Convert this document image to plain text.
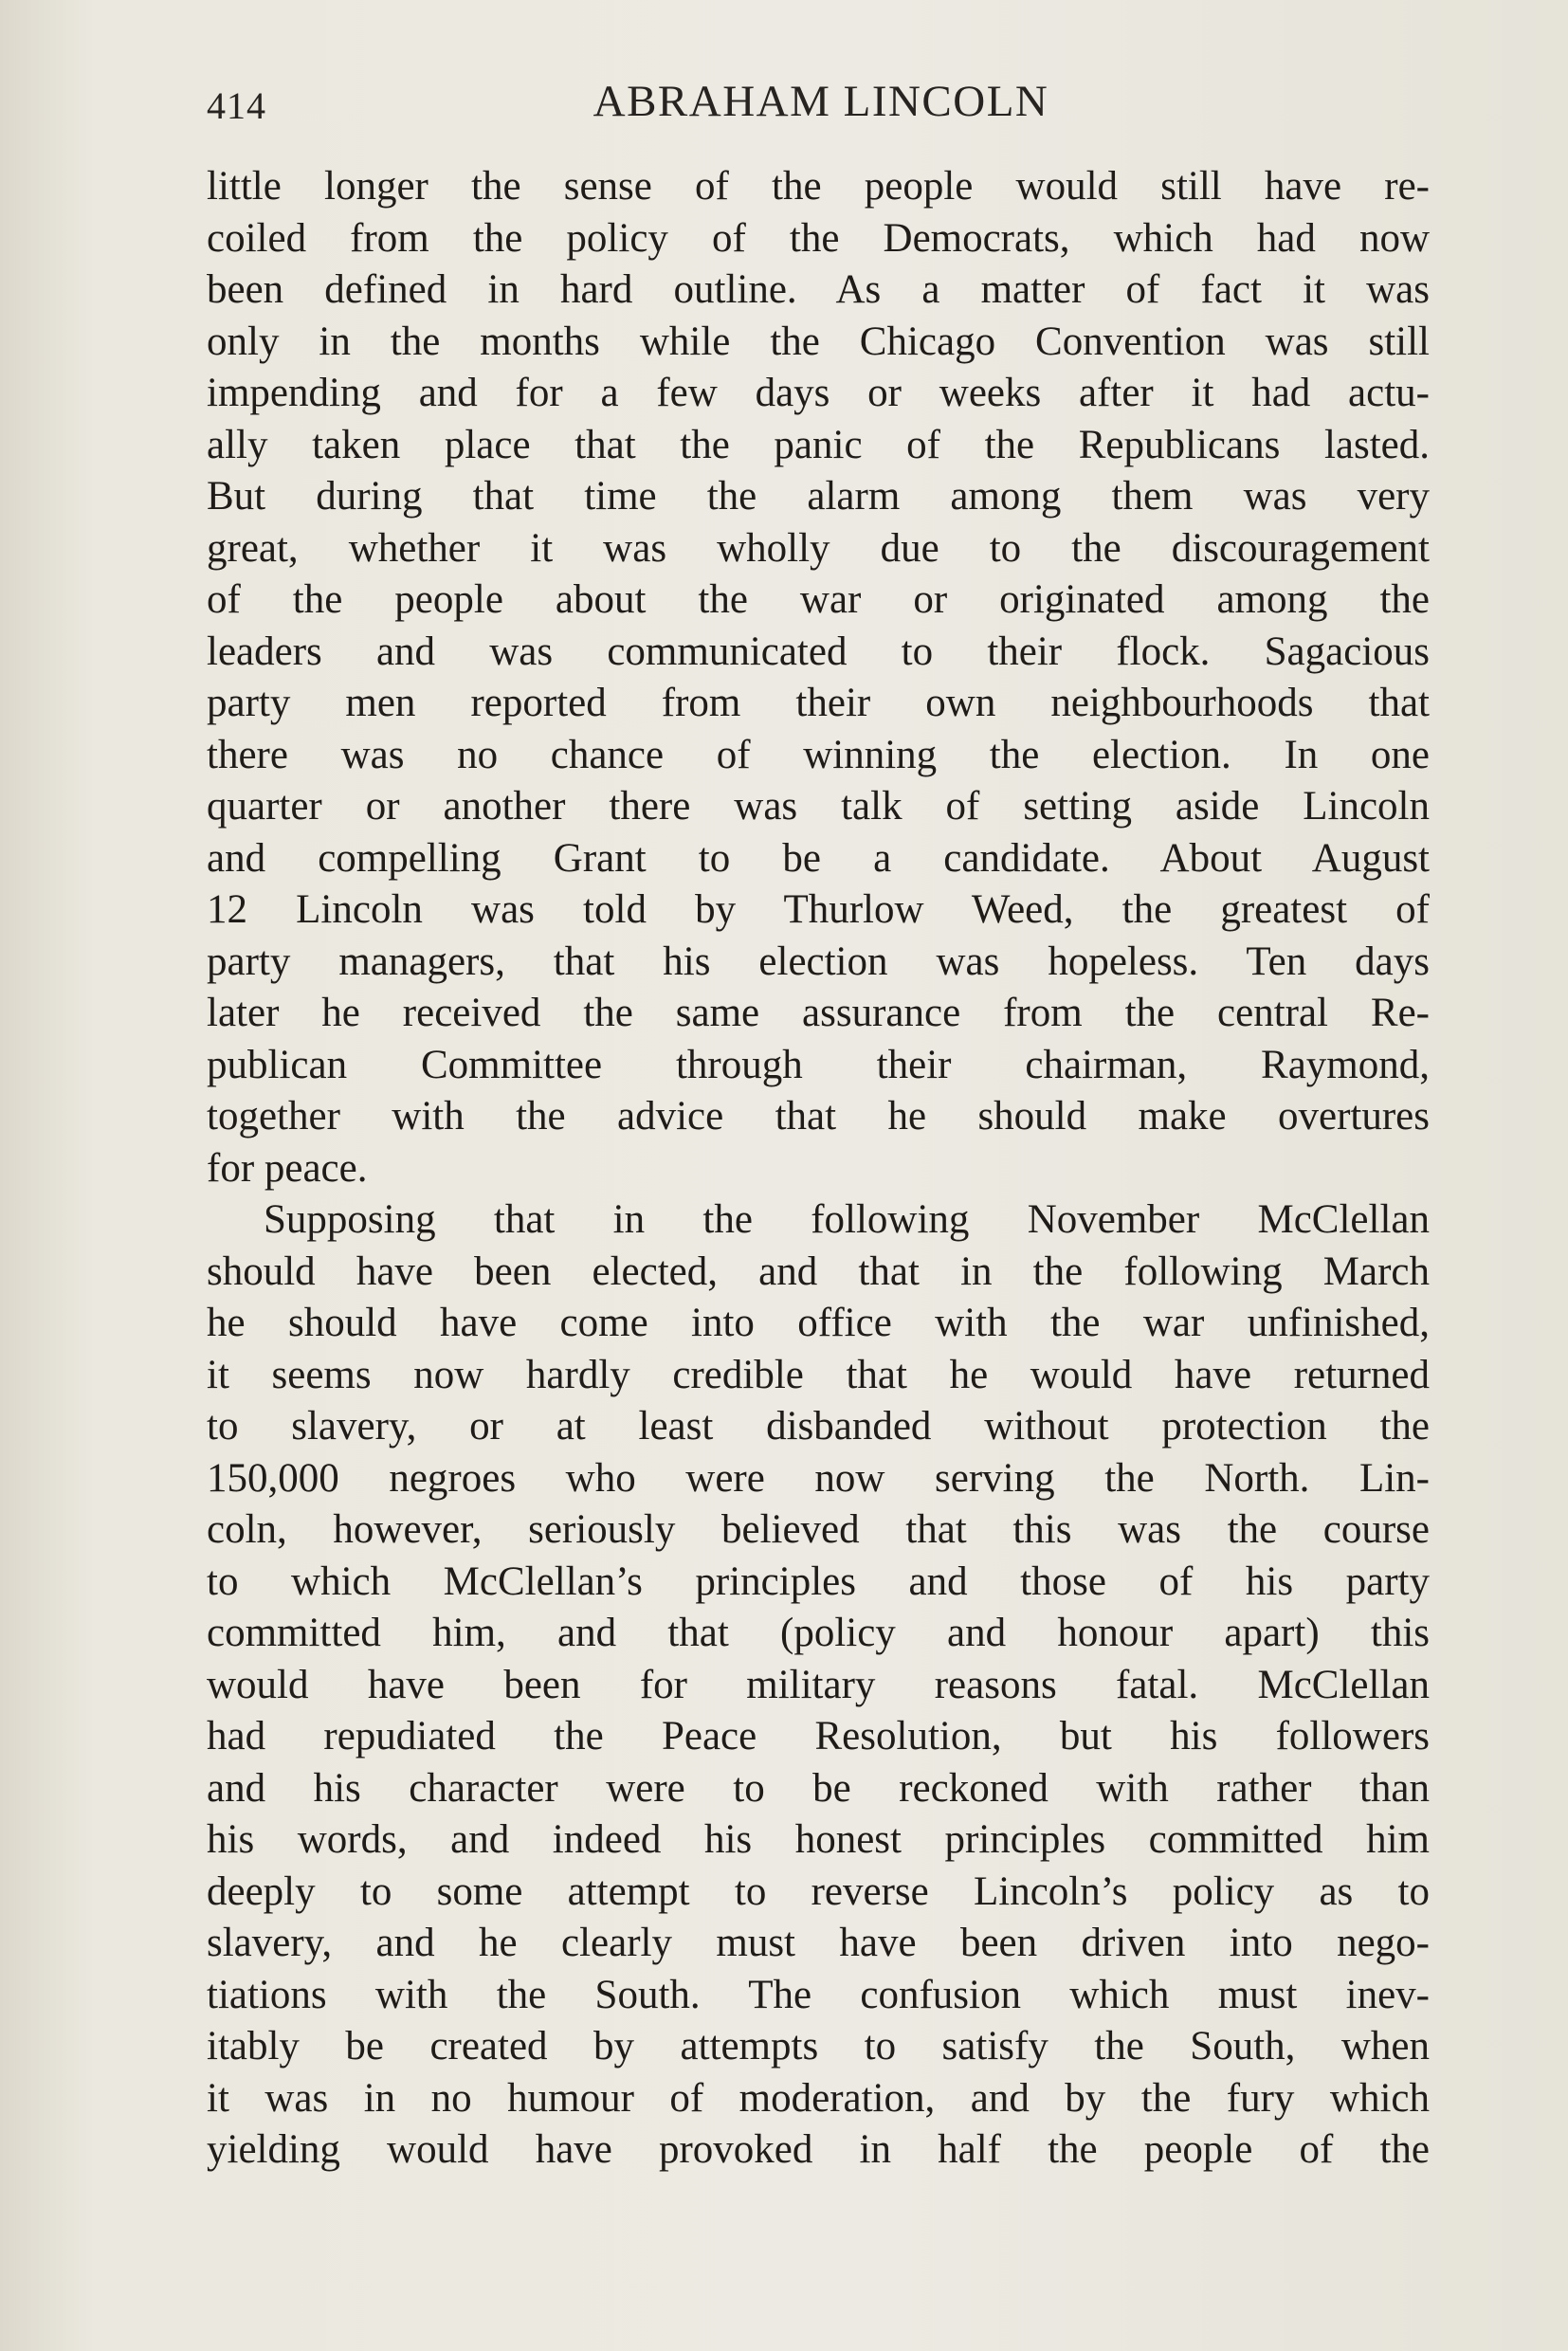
414	ABRAHAM LINCOLN
little longer the sense of the people would still have re-
coiled from the policy of the Democrats, which had now
been defined in hard outline. As a matter of fact it was
only in the months while the Chicago Convention was still
impending and for a few days or weeks after it had actu-
ally taken place that the panic of the Republicans lasted.
But during that time the alarm among them was very
great, whether it was wholly due to the discouragement
of the people about the war or originated among the
leaders and was communicated to their flock. Sagacious
party men reported from their own neighbourhoods that
there was no chance of winning the election. In one
quarter or another there was talk of setting aside Lincoln
and compelling Grant to be a candidate. About August
12 Lincoln was told by Thurlow Weed, the greatest of
party managers, that his election was hopeless. Ten days
later he received the same assurance from the central Re-
publican Committee through their chairman, Raymond,
together with the advice that he should make overtures
for peace.
Supposing that in the following November McClellan
should have been elected, and that in the following March
he should have come into office with the war unfinished,
it seems now hardly credible that he would have returned
to slavery, or at least disbanded without protection the
150,000 negroes who were now serving the North. Lin-
coln, however, seriously believed that this was the course
to which McClellan’s principles and those of his party
committed him, and that (policy and honour apart) this
would have been for military reasons fatal. McClellan
had repudiated the Peace Resolution, but his followers
and his character were to be reckoned with rather than
his words, and indeed his honest principles committed him
deeply to some attempt to reverse Lincoln’s policy as to
slavery, and he clearly must have been driven into nego-
tiations with the South. The confusion which must inev-
itably be created by attempts to satisfy the South, when
it was in no humour of moderation, and by the fury which
yielding would have provoked in half the people of the
